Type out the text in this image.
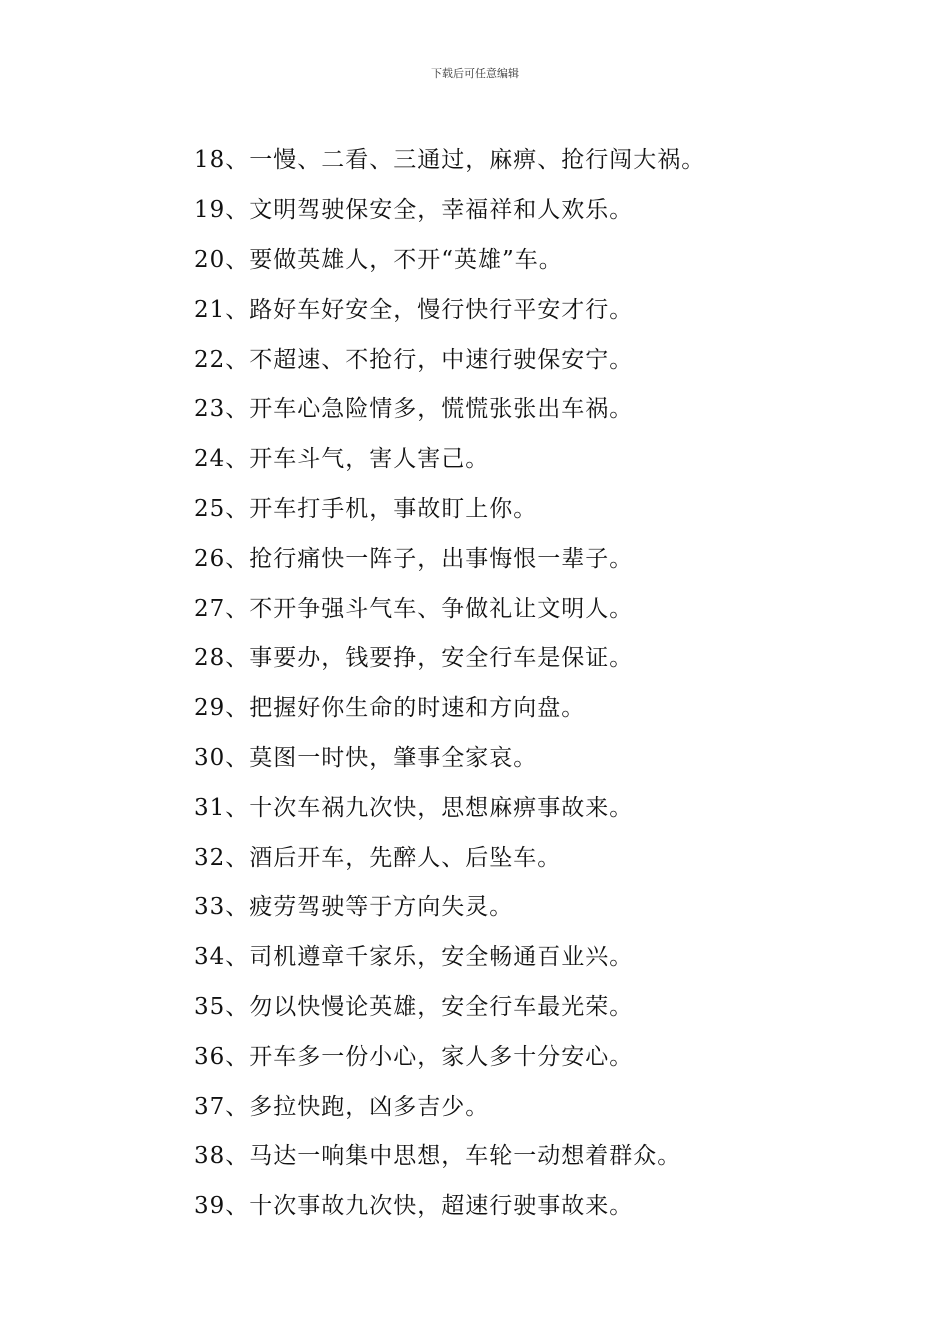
下载后可任意编辑
18、一慢、二看、三通过，麻痹、抢行闯大祸。
19、文明驾驶保安全，幸福祥和人欢乐。
20、要做英雄人，不开“英雄”车。
21、路好车好安全，慢行快行平安才行。
22、不超速、不抢行，中速行驶保安宁。
23、开车心急险情多，慌慌张张出车祸。
24、开车斗气，害人害己。
25、开车打手机，事故盯上你。
26、抢行痛快一阵子，出事悔恨一辈子。
27、不开争强斗气车、争做礼让文明人。
28、事要办，钱要挣，安全行车是保证。
29、把握好你生命的时速和方向盘。
30、莫图一时快，肇事全家哀。
31、十次车祸九次快，思想麻痹事故来。
32、酒后开车，先醉人、后坠车。
33、疲劳驾驶等于方向失灵。
34、司机遵章千家乐，安全畅通百业兴。
35、勿以快慢论英雄，安全行车最光荣。
36、开车多一份小心，家人多十分安心。
37、多拉快跑，凶多吉少。
38、马达一响集中思想，车轮一动想着群众。
39、十次事故九次快，超速行驶事故来。
